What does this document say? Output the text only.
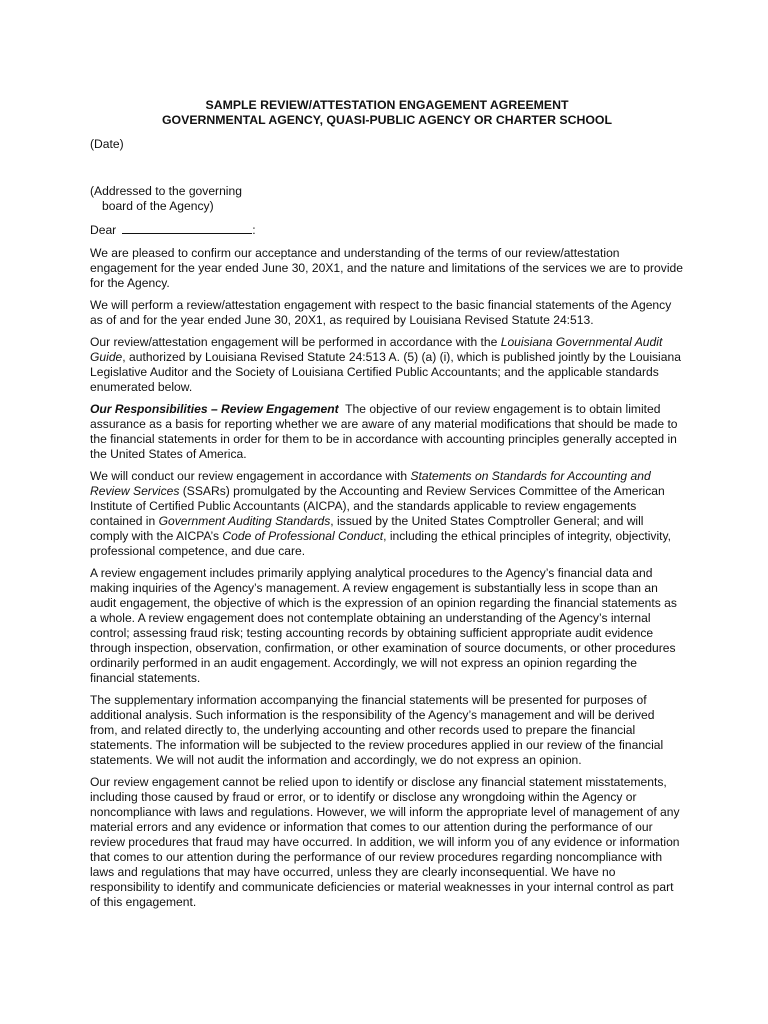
SAMPLE REVIEW/ATTESTATION ENGAGEMENT AGREEMENT
GOVERNMENTAL AGENCY, QUASI-PUBLIC AGENCY OR CHARTER SCHOOL
(Date)
(Addressed to the governing
board of the Agency)
Dear	:

We are pleased to confirm our acceptance and understanding of the terms of our review/attestation engagement for the year ended June 30, 20X1, and the nature and limitations of the services we are to provide for the Agency.

We will perform a review/attestation engagement with respect to the basic financial statements of the Agency as of and for the year ended June 30, 20X1, as required by Louisiana Revised Statute 24:513.

Our review/attestation engagement will be performed in accordance with the Louisiana Governmental Audit Guide, authorized by Louisiana Revised Statute 24:513 A. (5) (a) (i), which is published jointly by the Louisiana Legislative Auditor and the Society of Louisiana Certified Public Accountants; and the applicable standards enumerated below.

Our Responsibilities – Review Engagement  The objective of our review engagement is to obtain limited assurance as a basis for reporting whether we are aware of any material modifications that should be made to the financial statements in order for them to be in accordance with accounting principles generally accepted in the United States of America.

We will conduct our review engagement in accordance with Statements on Standards for Accounting and Review Services (SSARs) promulgated by the Accounting and Review Services Committee of the American Institute of Certified Public Accountants (AICPA), and the standards applicable to review engagements contained in Government Auditing Standards, issued by the United States Comptroller General; and will comply with the AICPA’s Code of Professional Conduct, including the ethical principles of integrity, objectivity, professional competence, and due care.

A review engagement includes primarily applying analytical procedures to the Agency’s financial data and making inquiries of the Agency’s management. A review engagement is substantially less in scope than an audit engagement, the objective of which is the expression of an opinion regarding the financial statements as a whole. A review engagement does not contemplate obtaining an understanding of the Agency’s internal control; assessing fraud risk; testing accounting records by obtaining sufficient appropriate audit evidence through inspection, observation, confirmation, or other examination of source documents, or other procedures ordinarily performed in an audit engagement. Accordingly, we will not express an opinion regarding the financial statements.

The supplementary information accompanying the financial statements will be presented for purposes of additional analysis. Such information is the responsibility of the Agency’s management and will be derived from, and related directly to, the underlying accounting and other records used to prepare the financial statements. The information will be subjected to the review procedures applied in our review of the financial statements. We will not audit the information and accordingly, we do not express an opinion.

Our review engagement cannot be relied upon to identify or disclose any financial statement misstatements, including those caused by fraud or error, or to identify or disclose any wrongdoing within the Agency or noncompliance with laws and regulations. However, we will inform the appropriate level of management of any material errors and any evidence or information that comes to our attention during the performance of our review procedures that fraud may have occurred. In addition, we will inform you of any evidence or information that comes to our attention during the performance of our review procedures regarding noncompliance with laws and regulations that may have occurred, unless they are clearly inconsequential. We have no responsibility to identify and communicate deficiencies or material weaknesses in your internal control as part of this engagement.
